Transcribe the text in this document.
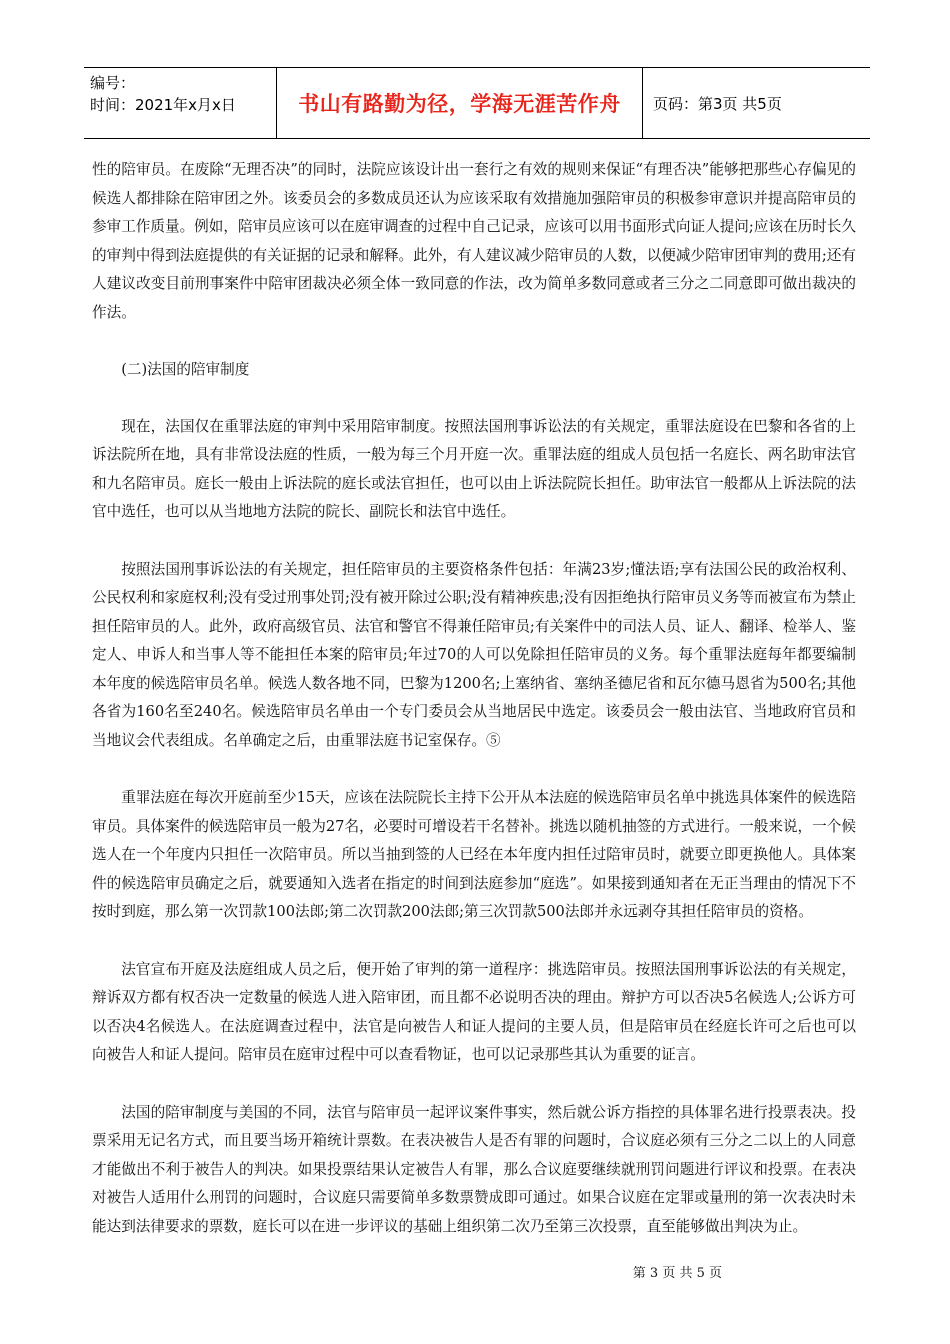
编号：
时间：2021年x月x日	书山有路勤为径，学海无涯苦作舟	页码：第3页 共5页

性的陪审员。在废除“无理否决”的同时，法院应该设计出一套行之有效的规则来保证“有理否决”能够把那些心存偏见的候选人都排除在陪审团之外。该委员会的多数成员还认为应该采取有效措施加强陪审员的积极参审意识并提高陪审员的参审工作质量。例如，陪审员应该可以在庭审调查的过程中自己记录，应该可以用书面形式向证人提问;应该在历时长久的审判中得到法庭提供的有关证据的记录和解释。此外，有人建议减少陪审员的人数，以便减少陪审团审判的费用;还有人建议改变目前刑事案件中陪审团裁决必须全体一致同意的作法，改为简单多数同意或者三分之二同意即可做出裁决的作法。

(二)法国的陪审制度

现在，法国仅在重罪法庭的审判中采用陪审制度。按照法国刑事诉讼法的有关规定，重罪法庭设在巴黎和各省的上诉法院所在地，具有非常设法庭的性质，一般为每三个月开庭一次。重罪法庭的组成人员包括一名庭长、两名助审法官和九名陪审员。庭长一般由上诉法院的庭长或法官担任，也可以由上诉法院院长担任。助审法官一般都从上诉法院的法官中选任，也可以从当地地方法院的院长、副院长和法官中选任。

按照法国刑事诉讼法的有关规定，担任陪审员的主要资格条件包括：年满23岁;懂法语;享有法国公民的政治权利、公民权利和家庭权利;没有受过刑事处罚;没有被开除过公职;没有精神疾患;没有因拒绝执行陪审员义务等而被宣布为禁止担任陪审员的人。此外，政府高级官员、法官和警官不得兼任陪审员;有关案件中的司法人员、证人、翻译、检举人、鉴定人、申诉人和当事人等不能担任本案的陪审员;年过70的人可以免除担任陪审员的义务。每个重罪法庭每年都要编制本年度的候选陪审员名单。候选人数各地不同，巴黎为1200名;上塞纳省、塞纳圣德尼省和瓦尔德马恩省为500名;其他各省为160名至240名。候选陪审员名单由一个专门委员会从当地居民中选定。该委员会一般由法官、当地政府官员和当地议会代表组成。名单确定之后，由重罪法庭书记室保存。⑤

重罪法庭在每次开庭前至少15天，应该在法院院长主持下公开从本法庭的候选陪审员名单中挑选具体案件的候选陪审员。具体案件的候选陪审员一般为27名，必要时可增设若干名替补。挑选以随机抽签的方式进行。一般来说，一个候选人在一个年度内只担任一次陪审员。所以当抽到签的人已经在本年度内担任过陪审员时，就要立即更换他人。具体案件的候选陪审员确定之后，就要通知入选者在指定的时间到法庭参加“庭选”。如果接到通知者在无正当理由的情况下不按时到庭，那么第一次罚款100法郎;第二次罚款200法郎;第三次罚款500法郎并永远剥夺其担任陪审员的资格。

法官宣布开庭及法庭组成人员之后，便开始了审判的第一道程序：挑选陪审员。按照法国刑事诉讼法的有关规定，辩诉双方都有权否决一定数量的候选人进入陪审团，而且都不必说明否决的理由。辩护方可以否决5名候选人;公诉方可以否决4名候选人。在法庭调查过程中，法官是向被告人和证人提问的主要人员，但是陪审员在经庭长许可之后也可以向被告人和证人提问。陪审员在庭审过程中可以查看物证，也可以记录那些其认为重要的证言。

法国的陪审制度与美国的不同，法官与陪审员一起评议案件事实，然后就公诉方指控的具体罪名进行投票表决。投票采用无记名方式，而且要当场开箱统计票数。在表决被告人是否有罪的问题时，合议庭必须有三分之二以上的人同意才能做出不利于被告人的判决。如果投票结果认定被告人有罪，那么合议庭要继续就刑罚问题进行评议和投票。在表决对被告人适用什么刑罚的问题时，合议庭只需要简单多数票赞成即可通过。如果合议庭在定罪或量刑的第一次表决时未能达到法律要求的票数，庭长可以在进一步评议的基础上组织第二次乃至第三次投票，直至能够做出判决为止。

第 3 页 共 5 页
